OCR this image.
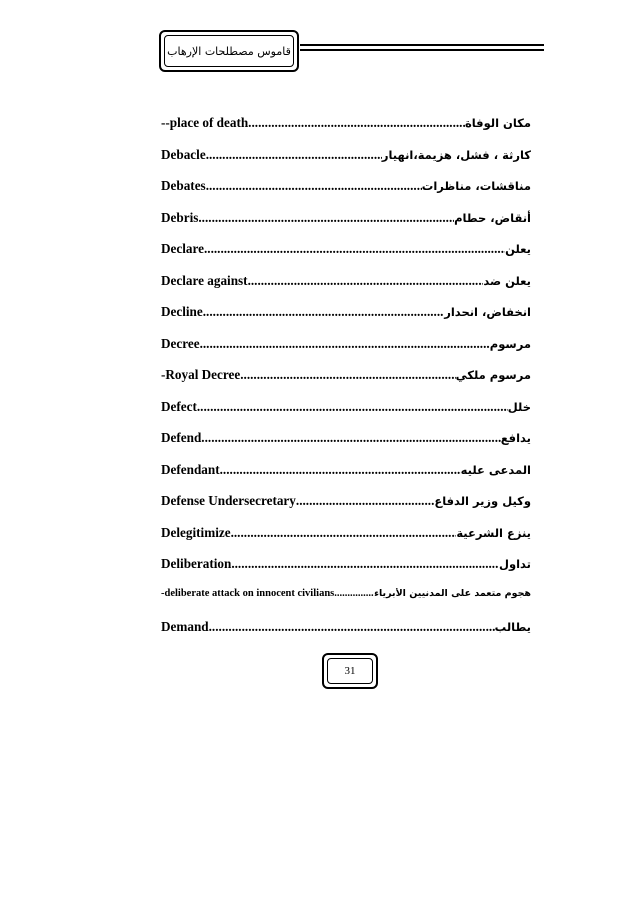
قاموس مصطلحات الإرهاب
--place of death .....	مكان الوفاة
Debacle .....	كارثة ، فشل، هزيمة،انهيار
Debates .....	مناقشات، مناظرات
Debris .....	أنقاض، حطام
Declare .....	يعلن
Declare against .....	يعلن ضد
Decline .....	انخفاض، انحدار
Decree .....	مرسوم
-Royal Decree .....	مرسوم ملكي
Defect .....	خلل
Defend .....	يدافع
Defendant .....	المدعى عليه
Defense Undersecretary .....	وكيل وزير الدفاع
Delegitimize .....	ينزع الشرعية
Deliberation .....	تداول
-deliberate attack on innocent civilians .....	هجوم متعمد على المدنيين الأبرياء
Demand .....	يطالب
31
